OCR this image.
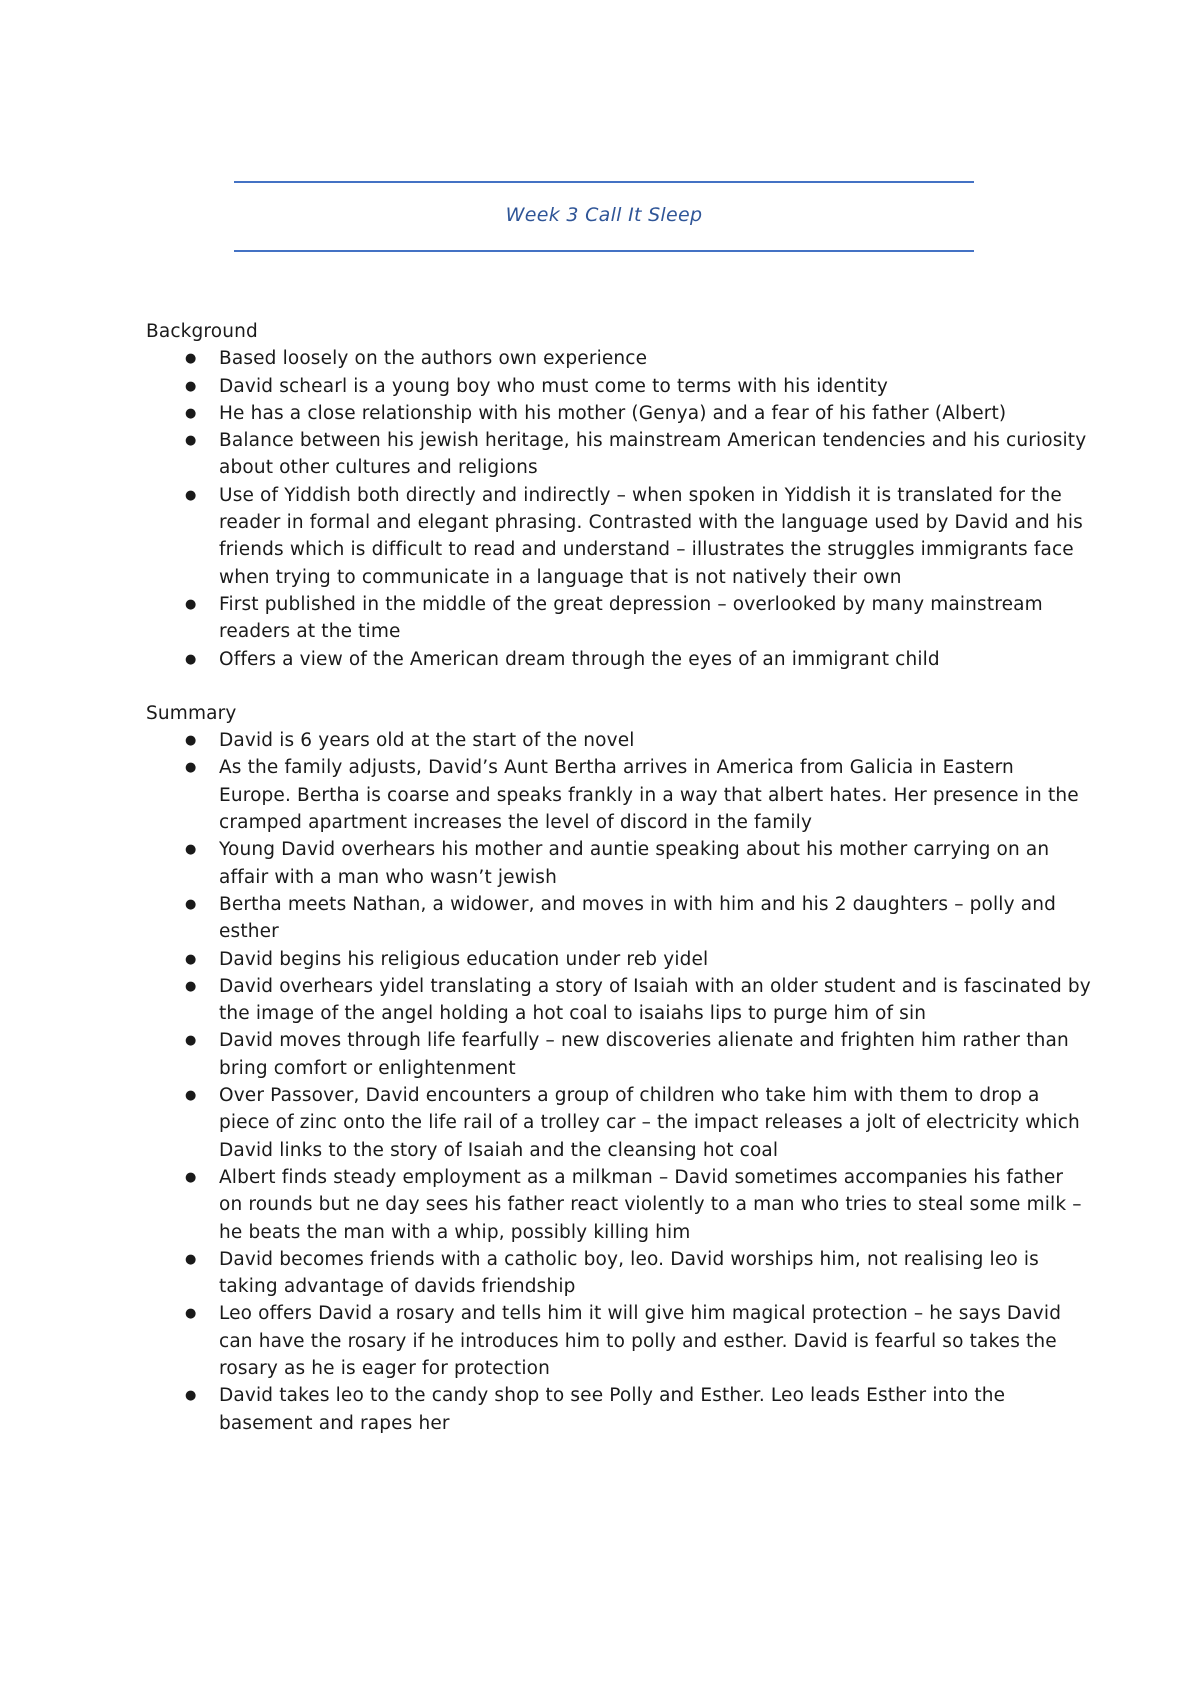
Week 3 Call It Sleep

Background

● Based loosely on the authors own experience
● David schearl is a young boy who must come to terms with his identity
● He has a close relationship with his mother (Genya) and a fear of his father (Albert)
● Balance between his jewish heritage, his mainstream American tendencies and his curiosity about other cultures and religions
● Use of Yiddish both directly and indirectly – when spoken in Yiddish it is translated for the reader in formal and elegant phrasing. Contrasted with the language used by David and his friends which is difficult to read and understand – illustrates the struggles immigrants face when trying to communicate in a language that is not natively their own
● First published in the middle of the great depression – overlooked by many mainstream readers at the time
● Offers a view of the American dream through the eyes of an immigrant child

Summary

● David is 6 years old at the start of the novel
● As the family adjusts, David’s Aunt Bertha arrives in America from Galicia in Eastern Europe. Bertha is coarse and speaks frankly in a way that albert hates. Her presence in the cramped apartment increases the level of discord in the family
● Young David overhears his mother and auntie speaking about his mother carrying on an affair with a man who wasn’t jewish
● Bertha meets Nathan, a widower, and moves in with him and his 2 daughters – polly and esther
● David begins his religious education under reb yidel
● David overhears yidel translating a story of Isaiah with an older student and is fascinated by the image of the angel holding a hot coal to isaiahs lips to purge him of sin
● David moves through life fearfully – new discoveries alienate and frighten him rather than bring comfort or enlightenment
● Over Passover, David encounters a group of children who take him with them to drop a piece of zinc onto the life rail of a trolley car – the impact releases a jolt of electricity which David links to the story of Isaiah and the cleansing hot coal
● Albert finds steady employment as a milkman – David sometimes accompanies his father on rounds but ne day sees his father react violently to a man who tries to steal some milk – he beats the man with a whip, possibly killing him
● David becomes friends with a catholic boy, leo. David worships him, not realising leo is taking advantage of davids friendship
● Leo offers David a rosary and tells him it will give him magical protection – he says David can have the rosary if he introduces him to polly and esther. David is fearful so takes the rosary as he is eager for protection
● David takes leo to the candy shop to see Polly and Esther. Leo leads Esther into the basement and rapes her
